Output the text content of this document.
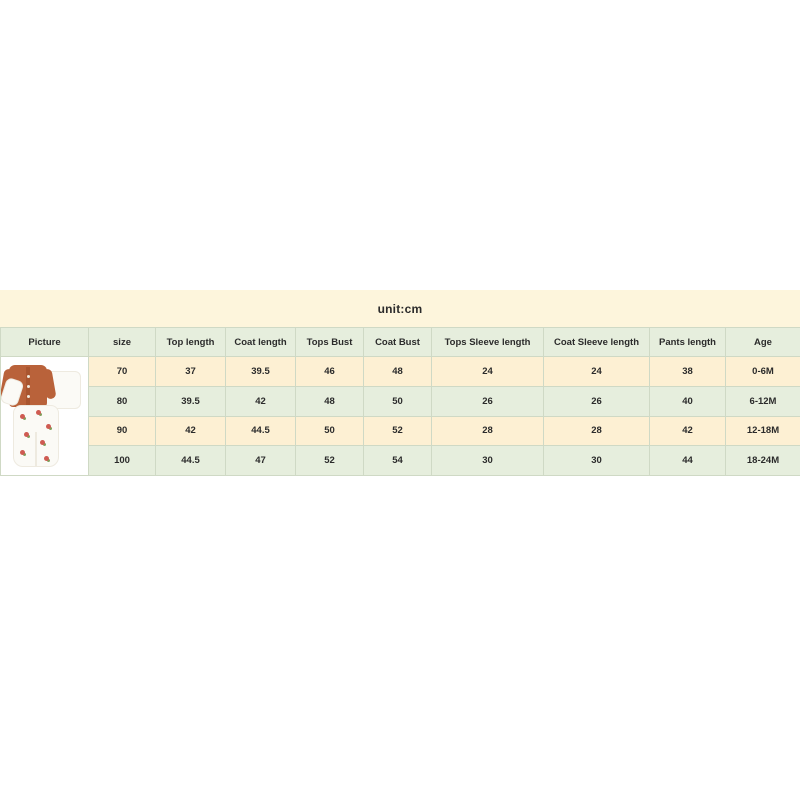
unit:cm
Picture	size	Top length	Coat length	Tops Bust	Coat Bust	Tops Sleeve length	Coat Sleeve length	Pants length	Age

	70	37	39.5	46	48	24	24	38	0-6M
	80	39.5	42	48	50	26	26	40	6-12M
	90	42	44.5	50	52	28	28	42	12-18M
	100	44.5	47	52	54	30	30	44	18-24M
